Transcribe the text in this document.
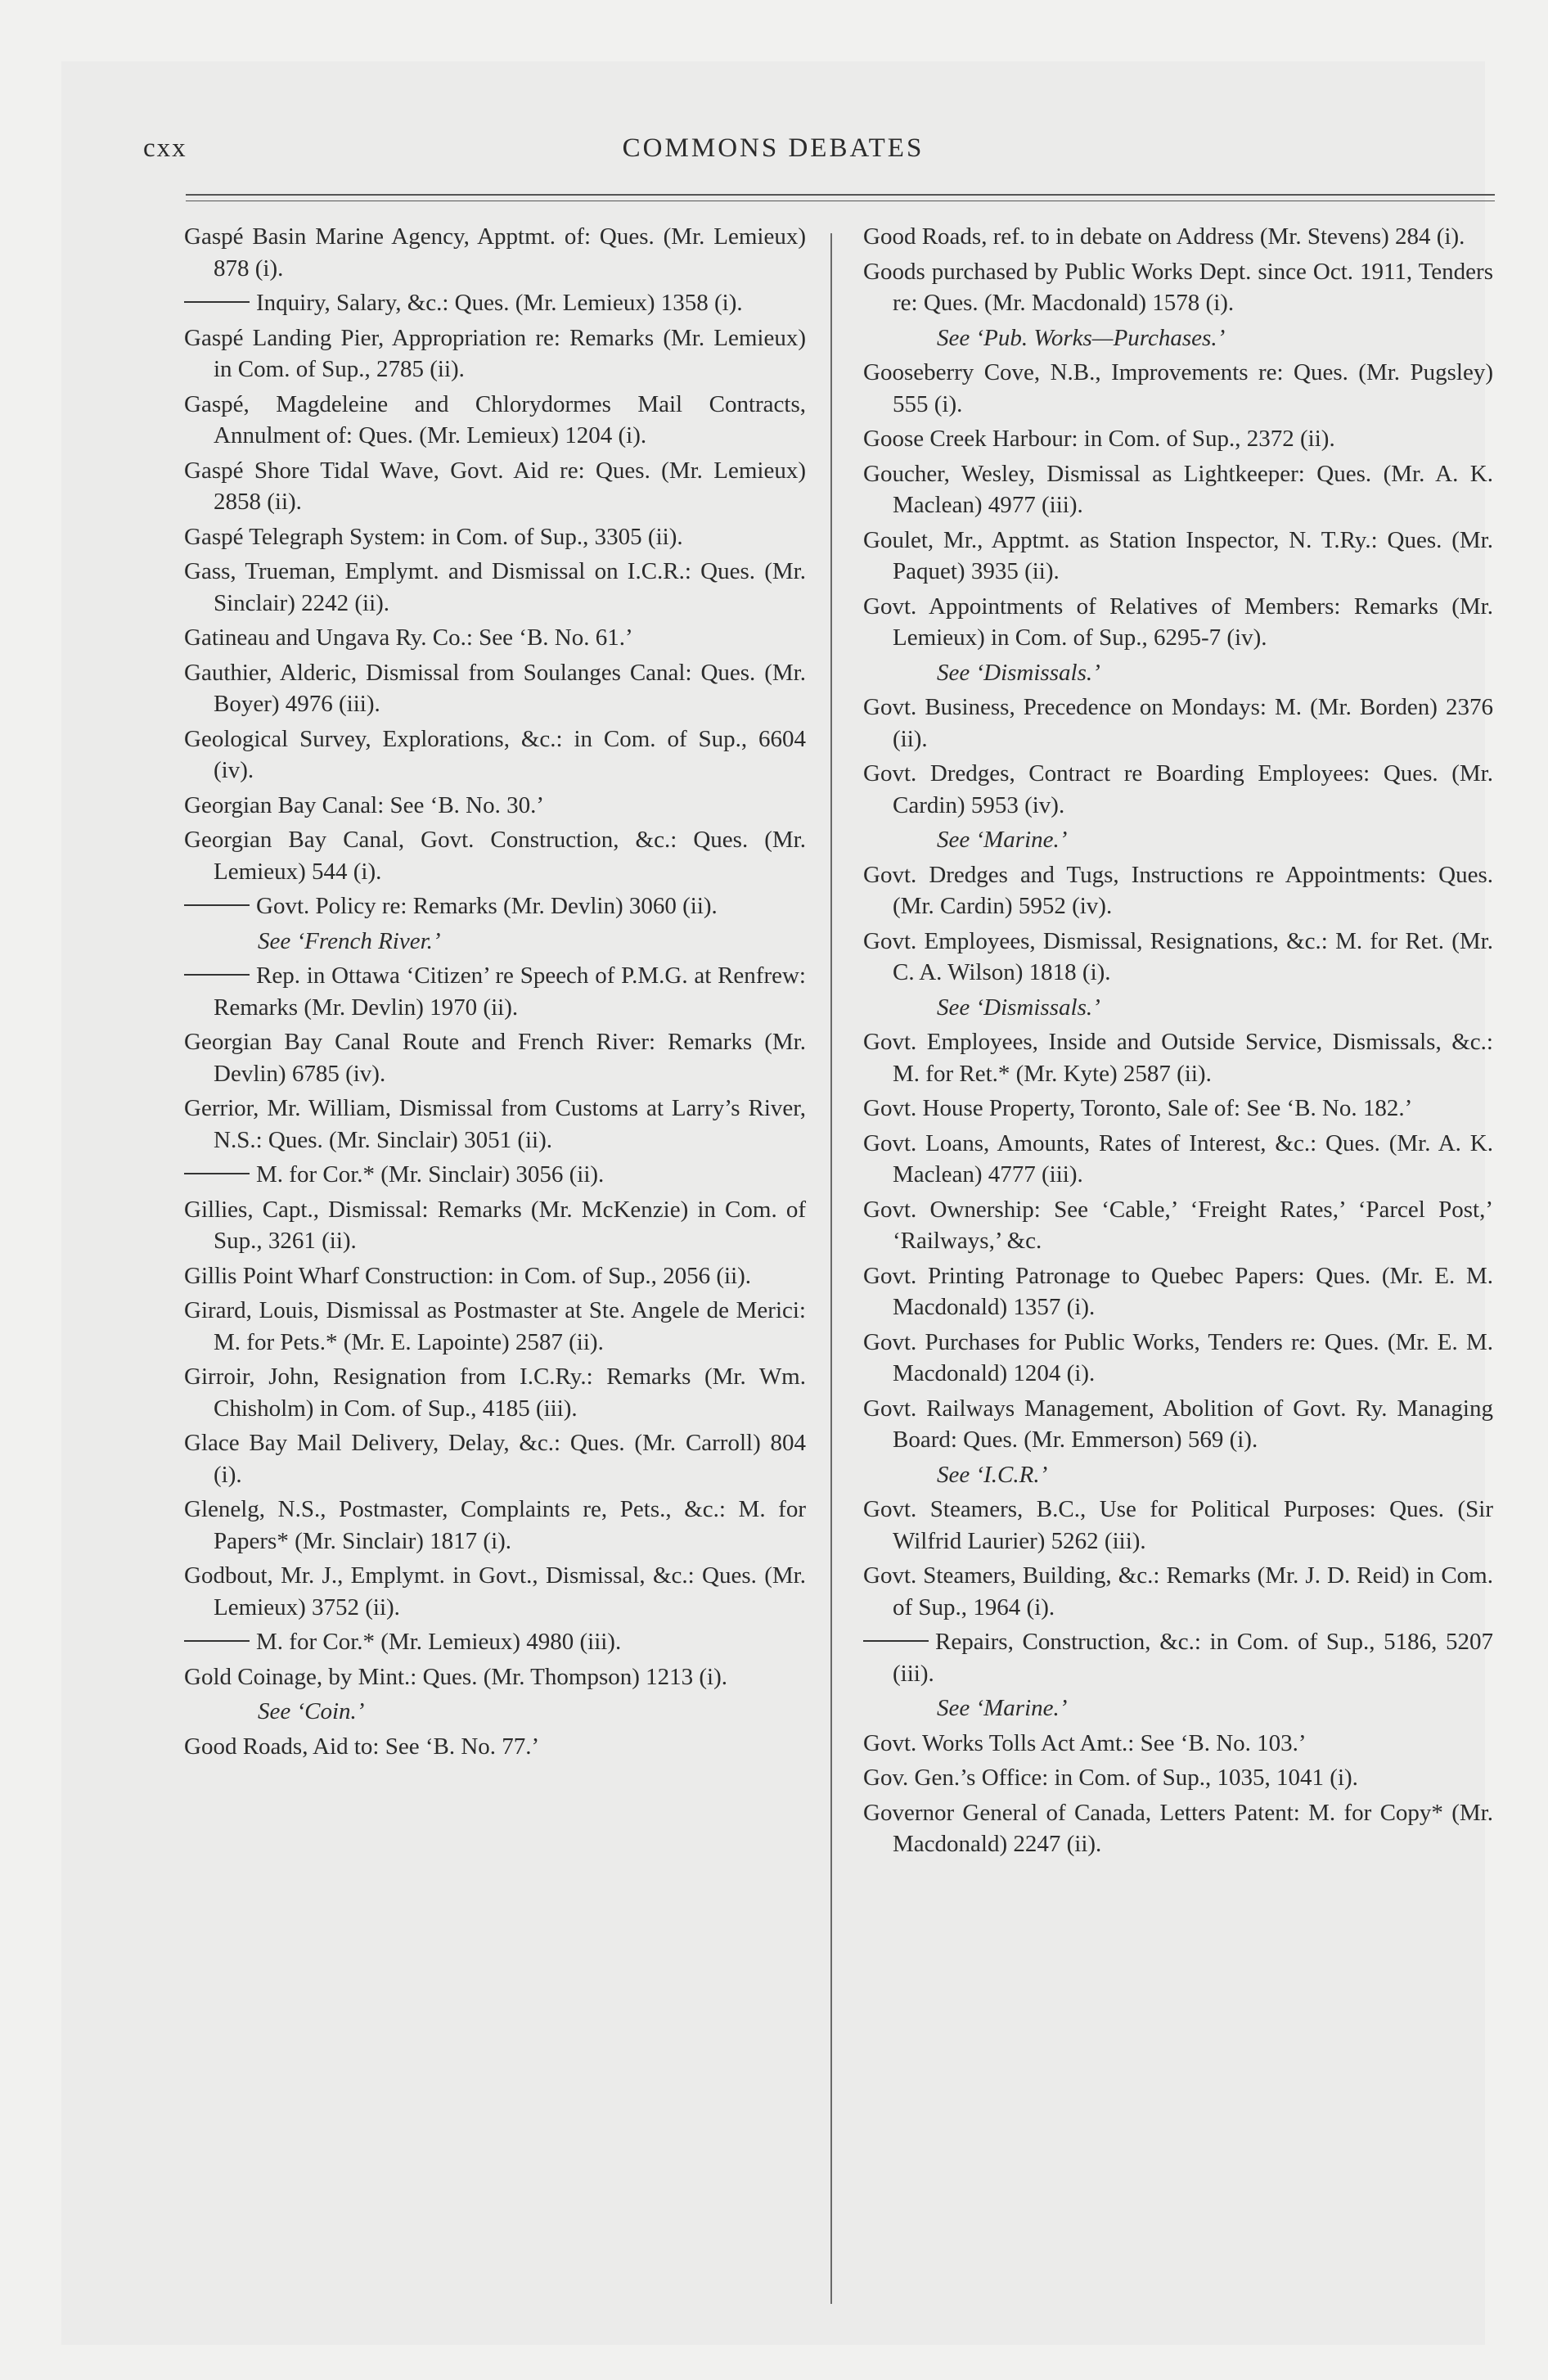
cxx	COMMONS DEBATES

Gaspé Basin Marine Agency, Apptmt. of: Ques. (Mr. Lemieux) 878 (i).

Inquiry, Salary, &c.: Ques. (Mr. Lemieux) 1358 (i).

Gaspé Landing Pier, Appropriation re: Remarks (Mr. Lemieux) in Com. of Sup., 2785 (ii).

Gaspé, Magdeleine and Chlorydormes Mail Contracts, Annulment of: Ques. (Mr. Lemieux) 1204 (i).

Gaspé Shore Tidal Wave, Govt. Aid re: Ques. (Mr. Lemieux) 2858 (ii).

Gaspé Telegraph System: in Com. of Sup., 3305 (ii).

Gass, Trueman, Emplymt. and Dismissal on I.C.R.: Ques. (Mr. Sinclair) 2242 (ii).

Gatineau and Ungava Ry. Co.: See ‘B. No. 61.’

Gauthier, Alderic, Dismissal from Soulanges Canal: Ques. (Mr. Boyer) 4976 (iii).

Geological Survey, Explorations, &c.: in Com. of Sup., 6604 (iv).

Georgian Bay Canal: See ‘B. No. 30.’

Georgian Bay Canal, Govt. Construction, &c.: Ques. (Mr. Lemieux) 544 (i).

Govt. Policy re: Remarks (Mr. Devlin) 3060 (ii).

See ‘French River.’

Rep. in Ottawa ‘Citizen’ re Speech of P.M.G. at Renfrew: Remarks (Mr. Devlin) 1970 (ii).

Georgian Bay Canal Route and French River: Remarks (Mr. Devlin) 6785 (iv).

Gerrior, Mr. William, Dismissal from Customs at Larry’s River, N.S.: Ques. (Mr. Sinclair) 3051 (ii).

M. for Cor.* (Mr. Sinclair) 3056 (ii).

Gillies, Capt., Dismissal: Remarks (Mr. McKenzie) in Com. of Sup., 3261 (ii).

Gillis Point Wharf Construction: in Com. of Sup., 2056 (ii).

Girard, Louis, Dismissal as Postmaster at Ste. Angele de Merici: M. for Pets.* (Mr. E. Lapointe) 2587 (ii).

Girroir, John, Resignation from I.C.Ry.: Remarks (Mr. Wm. Chisholm) in Com. of Sup., 4185 (iii).

Glace Bay Mail Delivery, Delay, &c.: Ques. (Mr. Carroll) 804 (i).

Glenelg, N.S., Postmaster, Complaints re, Pets., &c.: M. for Papers* (Mr. Sinclair) 1817 (i).

Godbout, Mr. J., Emplymt. in Govt., Dismissal, &c.: Ques. (Mr. Lemieux) 3752 (ii).

M. for Cor.* (Mr. Lemieux) 4980 (iii).

Gold Coinage, by Mint.: Ques. (Mr. Thompson) 1213 (i).

See ‘Coin.’

Good Roads, Aid to: See ‘B. No. 77.’

Good Roads, ref. to in debate on Address (Mr. Stevens) 284 (i).

Goods purchased by Public Works Dept. since Oct. 1911, Tenders re: Ques. (Mr. Macdonald) 1578 (i).

See ‘Pub. Works—Purchases.’

Gooseberry Cove, N.B., Improvements re: Ques. (Mr. Pugsley) 555 (i).

Goose Creek Harbour: in Com. of Sup., 2372 (ii).

Goucher, Wesley, Dismissal as Lightkeeper: Ques. (Mr. A. K. Maclean) 4977 (iii).

Goulet, Mr., Apptmt. as Station Inspector, N. T.Ry.: Ques. (Mr. Paquet) 3935 (ii).

Govt. Appointments of Relatives of Members: Remarks (Mr. Lemieux) in Com. of Sup., 6295-7 (iv).

See ‘Dismissals.’

Govt. Business, Precedence on Mondays: M. (Mr. Borden) 2376 (ii).

Govt. Dredges, Contract re Boarding Employees: Ques. (Mr. Cardin) 5953 (iv).

See ‘Marine.’

Govt. Dredges and Tugs, Instructions re Appointments: Ques. (Mr. Cardin) 5952 (iv).

Govt. Employees, Dismissal, Resignations, &c.: M. for Ret. (Mr. C. A. Wilson) 1818 (i).

See ‘Dismissals.’

Govt. Employees, Inside and Outside Service, Dismissals, &c.: M. for Ret.* (Mr. Kyte) 2587 (ii).

Govt. House Property, Toronto, Sale of: See ‘B. No. 182.’

Govt. Loans, Amounts, Rates of Interest, &c.: Ques. (Mr. A. K. Maclean) 4777 (iii).

Govt. Ownership: See ‘Cable,’ ‘Freight Rates,’ ‘Parcel Post,’ ‘Railways,’ &c.

Govt. Printing Patronage to Quebec Papers: Ques. (Mr. E. M. Macdonald) 1357 (i).

Govt. Purchases for Public Works, Tenders re: Ques. (Mr. E. M. Macdonald) 1204 (i).

Govt. Railways Management, Abolition of Govt. Ry. Managing Board: Ques. (Mr. Emmerson) 569 (i).

See ‘I.C.R.’

Govt. Steamers, B.C., Use for Political Purposes: Ques. (Sir Wilfrid Laurier) 5262 (iii).

Govt. Steamers, Building, &c.: Remarks (Mr. J. D. Reid) in Com. of Sup., 1964 (i).

Repairs, Construction, &c.: in Com. of Sup., 5186, 5207 (iii).

See ‘Marine.’

Govt. Works Tolls Act Amt.: See ‘B. No. 103.’

Gov. Gen.’s Office: in Com. of Sup., 1035, 1041 (i).

Governor General of Canada, Letters Patent: M. for Copy* (Mr. Macdonald) 2247 (ii).
